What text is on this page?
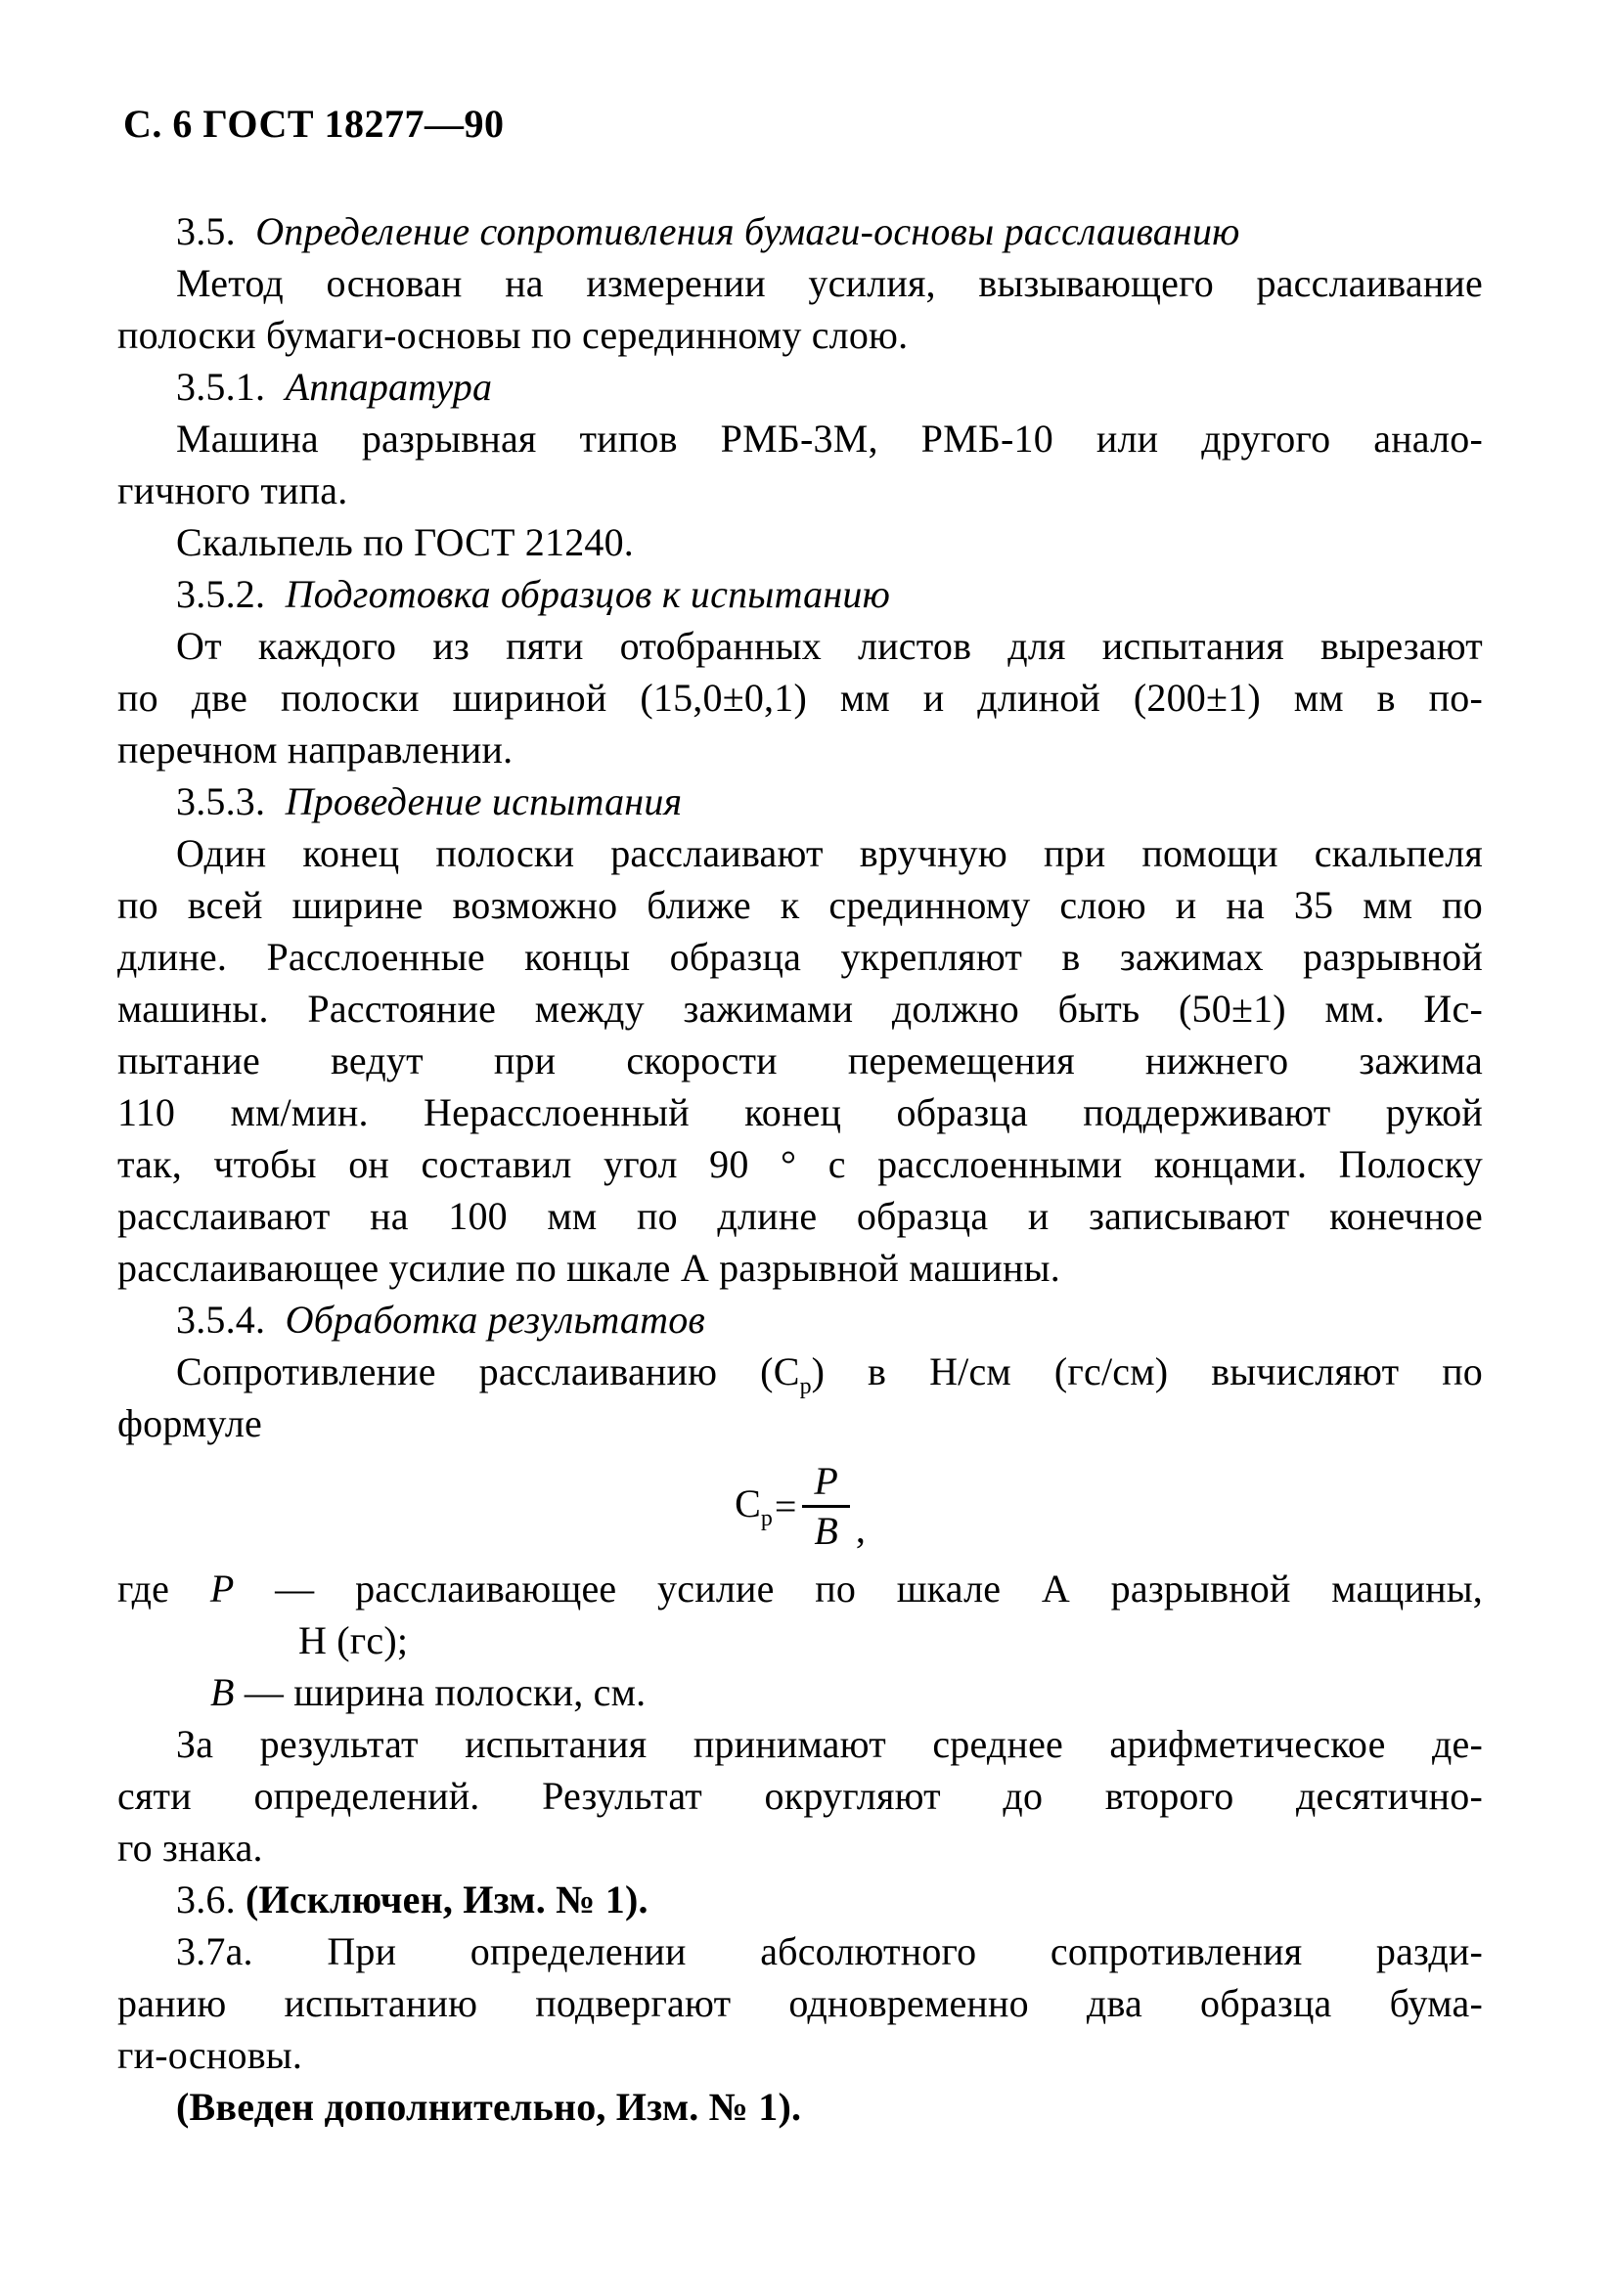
С. 6 ГОСТ 18277—90
3.5.  Определение сопротивления бумаги-основы расслаиванию
Метод основан на измерении усилия, вызывающего расслаивание
полоски бумаги-основы по серединному слою.
3.5.1.  Аппаратура
Машина разрывная типов РМБ-3М, РМБ-10 или другого анало-
гичного типа.
Скальпель по ГОСТ 21240.
3.5.2.  Подготовка образцов к испытанию
От каждого из пяти отобранных листов для испытания вырезают
по две полоски шириной (15,0±0,1) мм и длиной (200±1) мм в по-
перечном направлении.
3.5.3.  Проведение испытания
Один конец полоски расслаивают вручную при помощи скальпеля
по всей ширине возможно ближе к срединному слою и на 35 мм по
длине. Расслоенные концы образца укрепляют в зажимах разрывной
машины. Расстояние между зажимами должно быть (50±1) мм. Ис-
пытание ведут при скорости перемещения нижнего зажима
110 мм/мин. Нерасслоенный конец образца поддерживают рукой
так, чтобы он составил угол 90 ° с расслоенными концами. Полоску
расслаивают на 100 мм по длине образца и записывают конечное
расслаивающее усилие по шкале А разрывной машины.
3.5.4.  Обработка результатов
Сопротивление расслаиванию $(С_р)$ в Н/см (гс/см) вычисляют по
формуле
$С_р = \frac{Р}{В}$ ,
где Р — расслаивающее усилие по шкале А разрывной мащины,
Н (гс);
В — ширина полоски, см.
За результат испытания принимают среднее арифметическое де-
сяти определений. Результат округляют до второго десятично-
го знака.
3.6. (Исключен, Изм. № 1).
3.7а. При определении абсолютного сопротивления разди-
ранию испытанию подвергают одновременно два образца бума-
ги-основы.
(Введен дополнительно, Изм. № 1).
